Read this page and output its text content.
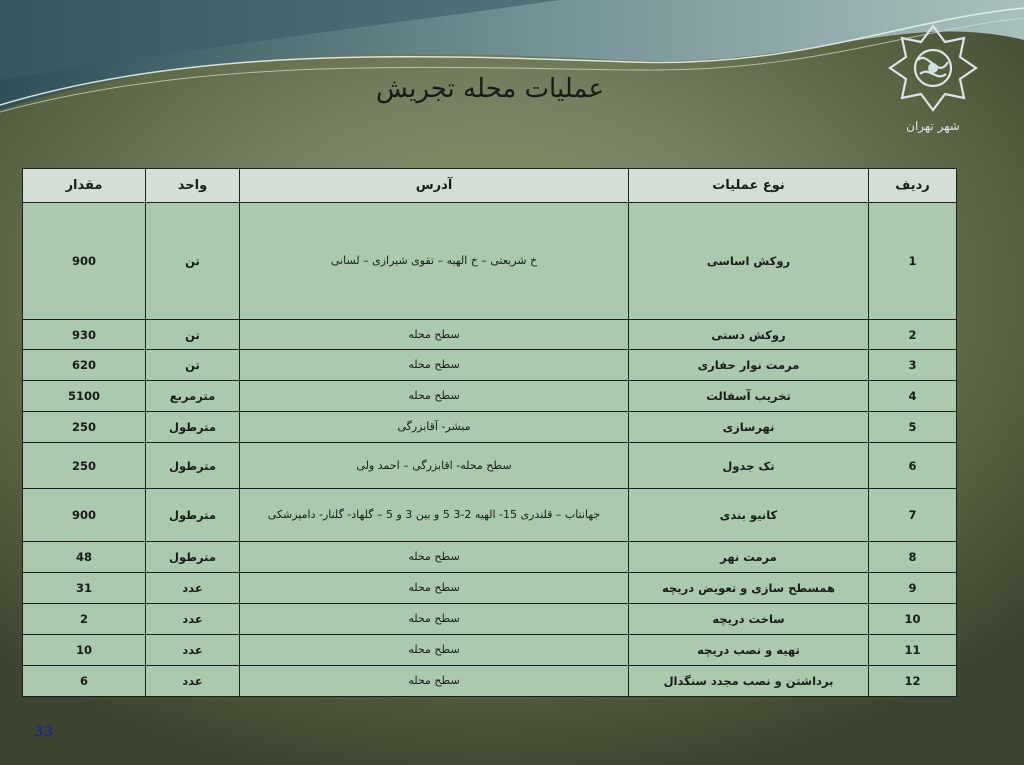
شهر تهران
عملیات محله تجریش
ردیف	نوع عملیات	آدرس	واحد	مقدار
1	روکش اساسی	خ شریعتی – خ الهیه – تقوی شیرازی – لسانی	تن	900
2	روکش دستی	سطح محله	تن	930
3	مرمت نوار حفاری	سطح محله	تن	620
4	تخریب آسفالت	سطح محله	مترمربع	5100
5	نهرسازی	مبشر- آقابزرگی	مترطول	250
6	تک جدول	سطح محله- اقابزرگی – احمد ولی	مترطول	250
7	کانیو بندی	جهانتاب – قلندری 15- الهیه 2-3 5 و بین 3 و 5 – گلهاد- گلنار- دامپزشکی	مترطول	900
8	مرمت نهر	سطح محله	مترطول	48
9	همسطح سازی و تعویض دریچه	سطح محله	عدد	31
10	ساخت دریچه	سطح محله	عدد	2
11	تهیه و نصب دریچه	سطح محله	عدد	10
12	برداشتن و نصب مجدد سنگدال	سطح محله	عدد	6
33
